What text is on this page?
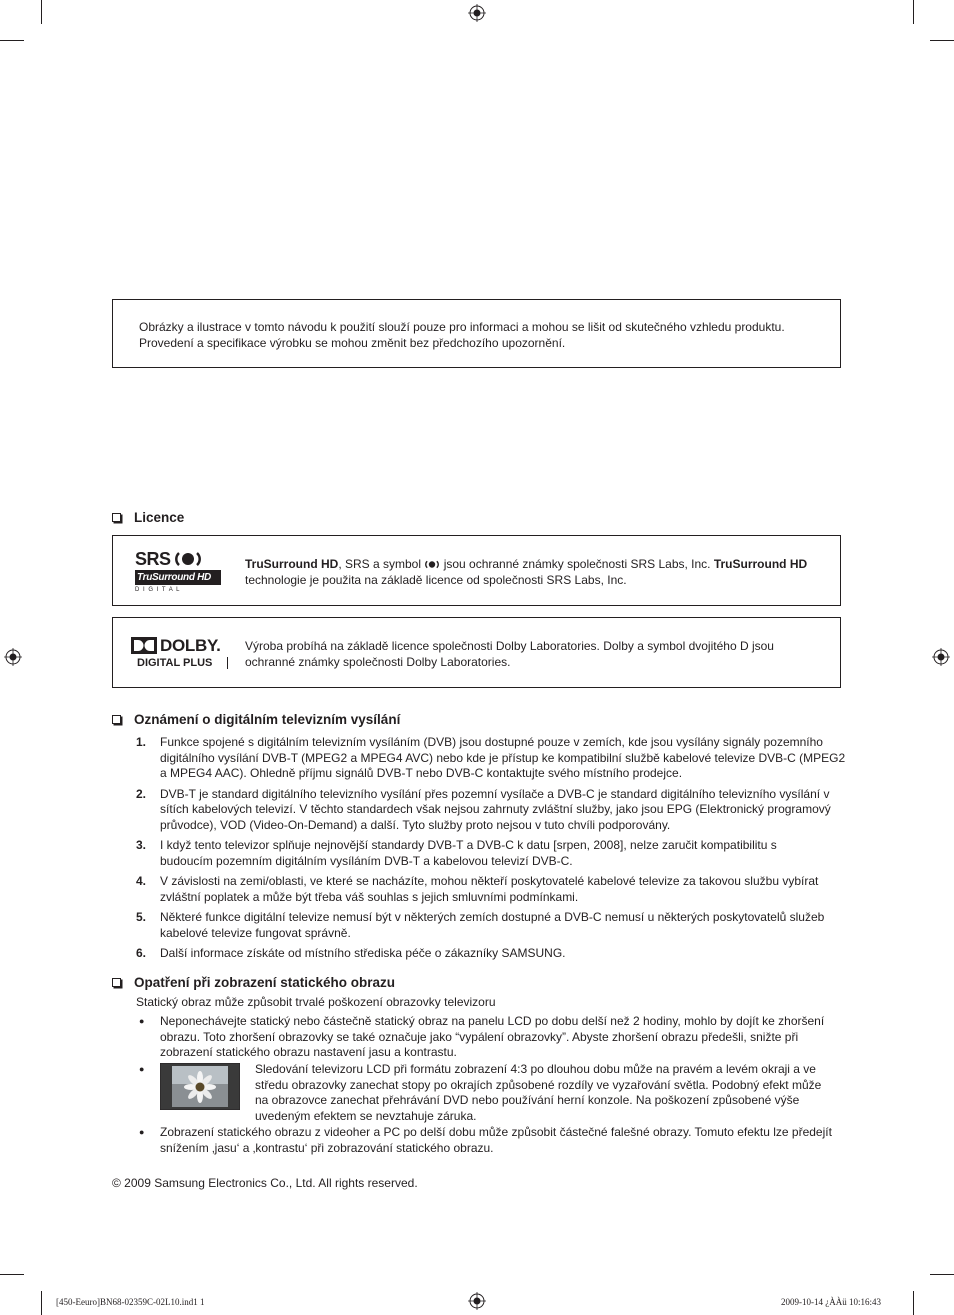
Obrázky a ilustrace v tomto návodu k použití slouží pouze pro informaci a mohou se lišit od skutečného vzhledu produktu.
Provedení a specifikace výrobku se mohou změnit bez předchozího upozornění.
Licence
SRS
TruSurround HD
D I G I T A L
TruSurround HD, SRS a symbol  jsou ochranné známky společnosti SRS Labs, Inc. TruSurround HD
technologie je použita na základě licence od společnosti SRS Labs, Inc.
DOLBY.
DIGITAL PLUS
Výroba probíhá na základě licence společnosti Dolby Laboratories. Dolby a symbol dvojitého D jsou
ochranné známky společnosti Dolby Laboratories.
Oznámení o digitálním televizním vysílání
1.	Funkce spojené s digitálním televizním vysíláním (DVB) jsou dostupné pouze v zemích, kde jsou vysílány signály pozemního digitálního vysílání DVB-T (MPEG2 a MPEG4 AVC) nebo kde je přístup ke kompatibilní službě kabelové televize DVB-C (MPEG2 a MPEG4 AAC). Ohledně příjmu signálů DVB-T nebo DVB-C kontaktujte svého místního prodejce.
2.	DVB-T je standard digitálního televizního vysílání přes pozemní vysílače a DVB-C je standard digitálního televizního vysílání v sítích kabelových televizí. V těchto standardech však nejsou zahrnuty zvláštní služby, jako jsou EPG (Elektronický programový průvodce), VOD (Video-On-Demand) a další. Tyto služby proto nejsou v tuto chvíli podporovány.
3.	I když tento televizor splňuje nejnovější standardy DVB-T a DVB-C k datu [srpen, 2008], nelze zaručit kompatibilitu s budoucím pozemním digitálním vysíláním DVB-T a kabelovou televizí DVB-C.
4.	V závislosti na zemi/oblasti, ve které se nacházíte, mohou někteří poskytovatelé kabelové televize za takovou službu vybírat zvláštní poplatek a může být třeba váš souhlas s jejich smluvními podmínkami.
5.	Některé funkce digitální televize nemusí být v některých zemích dostupné a DVB-C nemusí u některých poskytovatelů služeb kabelové televize fungovat správně.
6.	Další informace získáte od místního střediska péče o zákazníky SAMSUNG.
Opatření při zobrazení statického obrazu
Statický obraz může způsobit trvalé poškození obrazovky televizoru
●	Neponechávejte statický nebo částečně statický obraz na panelu LCD po dobu delší než 2 hodiny, mohlo by dojít ke zhoršení obrazu. Toto zhoršení obrazovky se také označuje jako “vypálení obrazovky”. Abyste zhoršení obrazu předešli, snižte při zobrazení statického obrazu nastavení jasu a kontrastu.
●	Sledování televizoru LCD při formátu zobrazení 4:3 po dlouhou dobu může na pravém a levém okraji a ve středu obrazovky zanechat stopy po okrajích způsobené rozdíly ve vyzařování světla. Podobný efekt může na obrazovce zanechat přehrávání DVD nebo používání herní konzole. Na poškození způsobené výše uvedeným efektem se nevztahuje záruka.
●	Zobrazení statického obrazu z videoher a PC po delší dobu může způsobit částečné falešné obrazy. Tomuto efektu lze předejít snížením ‚jasu‘ a ‚kontrastu‘ při zobrazování statického obrazu.
© 2009 Samsung Electronics Co., Ltd. All rights reserved.
[450-Eeuro]BN68-02359C-02L10.ind1 1	2009-10-14 ¿ÀÀü 10:16:43
